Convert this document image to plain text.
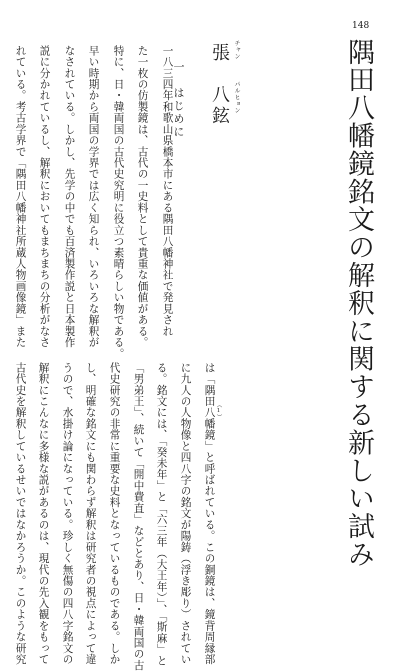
148
隅田八幡鏡銘文の解釈に関する新しい試み
チャン
パルヒョン
張　八鉉
一　はじめに
一八三四年和歌山県橋本市にある隅田八幡神社で発見され
た一枚の仿製鏡は、古代の一史料として貴重な価値がある。
特に、日・韓両国の古代史究明に役立つ素晴らしい物である。
早い時期から両国の学界では広く知られ、いろいろな解釈が
なされている。しかし、先学の中でも百済製作説と日本製作
説に分かれているし、解釈においてもまちまちの分析がなさ
れている。考古学界で「隅田八幡神社所蔵人物画像鏡」また
は「隅田八幡鏡」と呼ばれている。この銅鏡は、鏡背周縁部 （1）
に九人の人物像と四八字の銘文が陽鋳（浮き彫り）されてい
る。銘文には、「癸未年」と「六三年（大王年）」、「斯麻」と
「男弟王」、続いて「開中費直」などとあり、日・韓両国の古
代史研究の非常に重要な史料となっているものである。しか
し、明確な銘文にも関わらず解釈は研究者の視点によって違
うので、水掛け論になっている。珍しく無傷の四八字銘文の
解釈にこんなに多様な説があるのは、現代の先入観をもって
古代史を解釈しているせいではなかろうか。このような研究
